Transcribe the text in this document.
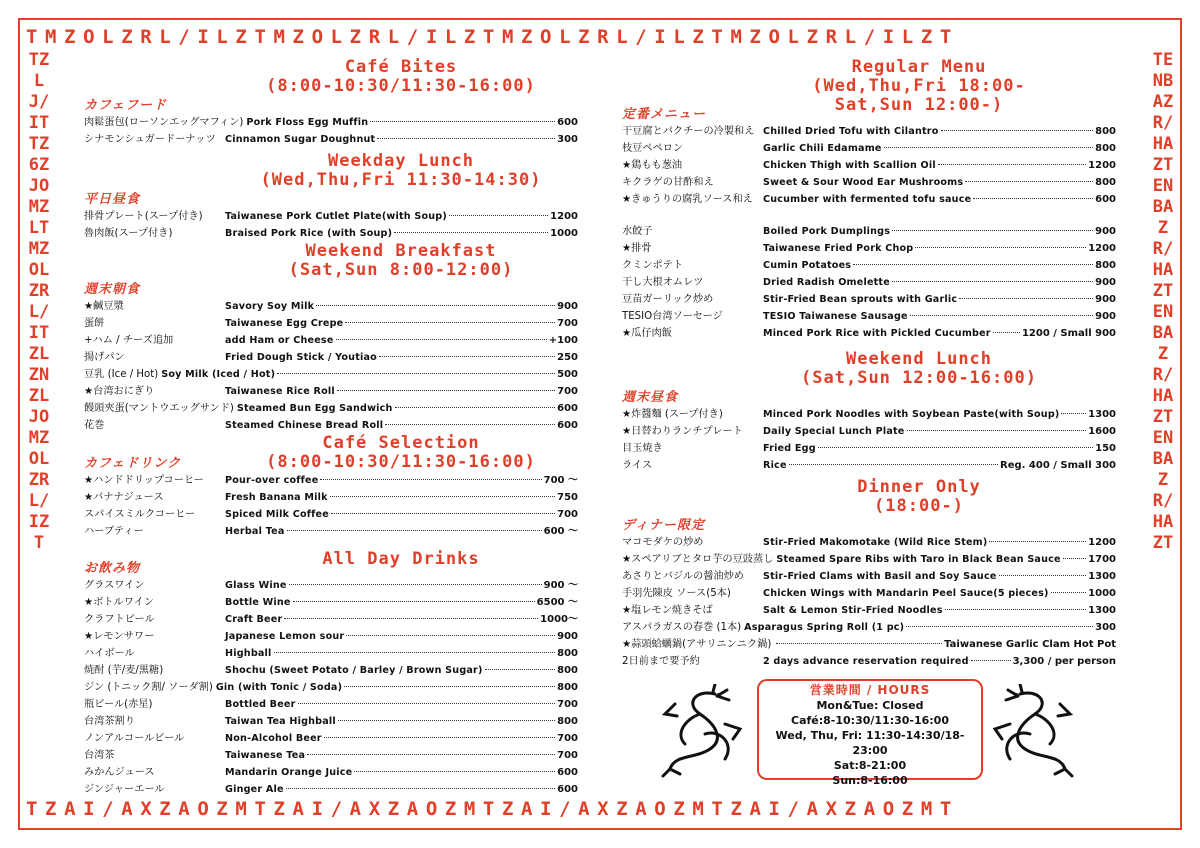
TMZOLZRL/ILZTMZOLZRL/ILZTMZOLZRL/ILZTMZOLZRL/ILZT
TZAI/AXZAOZMTZAI/AXZAOZMTZAI/AXZAOZMTZAI/AXZAOZMT
TZLJ/ITTZ6ZJOMZLTMZOLZRL/ITZLZNZLJOMZOLZRL/IZT
TENBAZR/HAZTENBAZR/HAZTENBAZR/HAZTENBAZR/HAZT
Café Bites
(8:00-10:30/11:30-16:00)
カフェフード
肉鬆蛋包(ローソンエッグマフィン) Pork Floss Egg Muffin	600
シナモンシュガードーナッツ Cinnamon Sugar Doughnut	300
Weekday Lunch
(Wed,Thu,Fri 11:30-14:30)
平日昼食
排骨プレート(スープ付き)	Taiwanese Pork Cutlet Plate(with Soup)	1200
魯肉飯(スープ付き)	Braised Pork Rice (with Soup)	1000
Weekend Breakfast
(Sat,Sun 8:00-12:00)
週末朝食
★鹹豆漿	Savory Soy Milk	900
蛋餅	Taiwanese Egg Crepe	700
+ハム / チーズ追加	add Ham or Cheese	+100
揚げパン	Fried Dough Stick / Youtiao	250
豆乳 (Ice / Hot) Soy Milk (Iced / Hot)	500
★台湾おにぎり	Taiwanese Rice Roll	700
饅頭夾蛋(マントウエッグサンド) Steamed Bun Egg Sandwich	600
花巻	Steamed Chinese Bread Roll	600
Café Selection
(8:00-10:30/11:30-16:00)
カフェドリンク
★ハンドドリップコーヒー	Pour-over coffee	700 〜
★バナナジュース	Fresh Banana Milk	750
スパイスミルクコーヒー	Spiced Milk Coffee	700
ハーブティー	Herbal Tea	600 〜
All Day Drinks
お飲み物
グラスワイン	Glass Wine	900 〜
★ボトルワイン	Bottle Wine	6500 〜
クラフトビール	Craft Beer	1000〜
★レモンサワー	Japanese Lemon sour	900
ハイボール	Highball	800
焼酎 (芋/麦/黒糖)	Shochu (Sweet Potato / Barley / Brown Sugar)	800
ジン (トニック割/ ソーダ割) Gin (with Tonic / Soda)	800
瓶ビール(赤星)	Bottled Beer	700
台湾茶割り	Taiwan Tea Highball	800
ノンアルコールビール	Non-Alcohol Beer	700
台湾茶	Taiwanese Tea	700
みかんジュース	Mandarin Orange Juice	600
ジンジャーエール	Ginger Ale	600
Regular Menu
(Wed,Thu,Fri 18:00-
Sat,Sun 12:00-)
定番メニュー
干豆腐とパクチーの冷製和え Chilled Dried Tofu with Cilantro	800
枝豆ペペロン	Garlic Chili Edamame	800
★鶏もも葱油	Chicken Thigh with Scallion Oil	1200
キクラゲの甘酢和え	Sweet & Sour Wood Ear Mushrooms	800
★きゅうりの腐乳ソース和え	Cucumber with fermented tofu sauce	600
水餃子	Boiled Pork Dumplings	900
★排骨	Taiwanese Fried Pork Chop	1200
クミンポテト	Cumin Potatoes	800
干し大根オムレツ	Dried Radish Omelette	900
豆苗ガーリック炒め	Stir-Fried Bean sprouts with Garlic	900
TESIO台湾ソーセージ	TESIO Taiwanese Sausage	900
★瓜仔肉飯	Minced Pork Rice with Pickled Cucumber	1200 / Small 900
Weekend Lunch
(Sat,Sun 12:00-16:00)
週末昼食
★炸醬麵 (スープ付き)	Minced Pork Noodles with Soybean Paste(with Soup)	1300
★日替わりランチプレート	Daily Special Lunch Plate	1600
目玉焼き	Fried Egg	150
ライス	Rice	Reg. 400 / Small 300
Dinner Only
(18:00-)
ディナー限定
マコモダケの炒め	Stir-Fried Makomotake (Wild Rice Stem)	1200
★スペアリブとタロ芋の豆豉蒸し Steamed Spare Ribs with Taro in Black Bean Sauce	1700
あさりとバジルの醤油炒め	Stir-Fried Clams with Basil and Soy Sauce	1300
手羽先陳皮 ソース(5本)	Chicken Wings with Mandarin Peel Sauce(5 pieces)	1000
★塩レモン焼きそば	Salt & Lemon Stir-Fried Noodles	1300
アスパラガスの春巻 (1本) Asparagus Spring Roll (1 pc)	300
★蒜頭蛤蠣鍋(アサリニンニク鍋)	Taiwanese Garlic Clam Hot Pot
2日前まで要予約	2 days advance reservation required	3,300 / per person
営業時間 / HOURS
Mon&Tue: Closed
Café:8-10:30/11:30-16:00
Wed, Thu, Fri: 11:30-14:30/18-23:00
Sat:8-21:00
Sun:8-16:00
